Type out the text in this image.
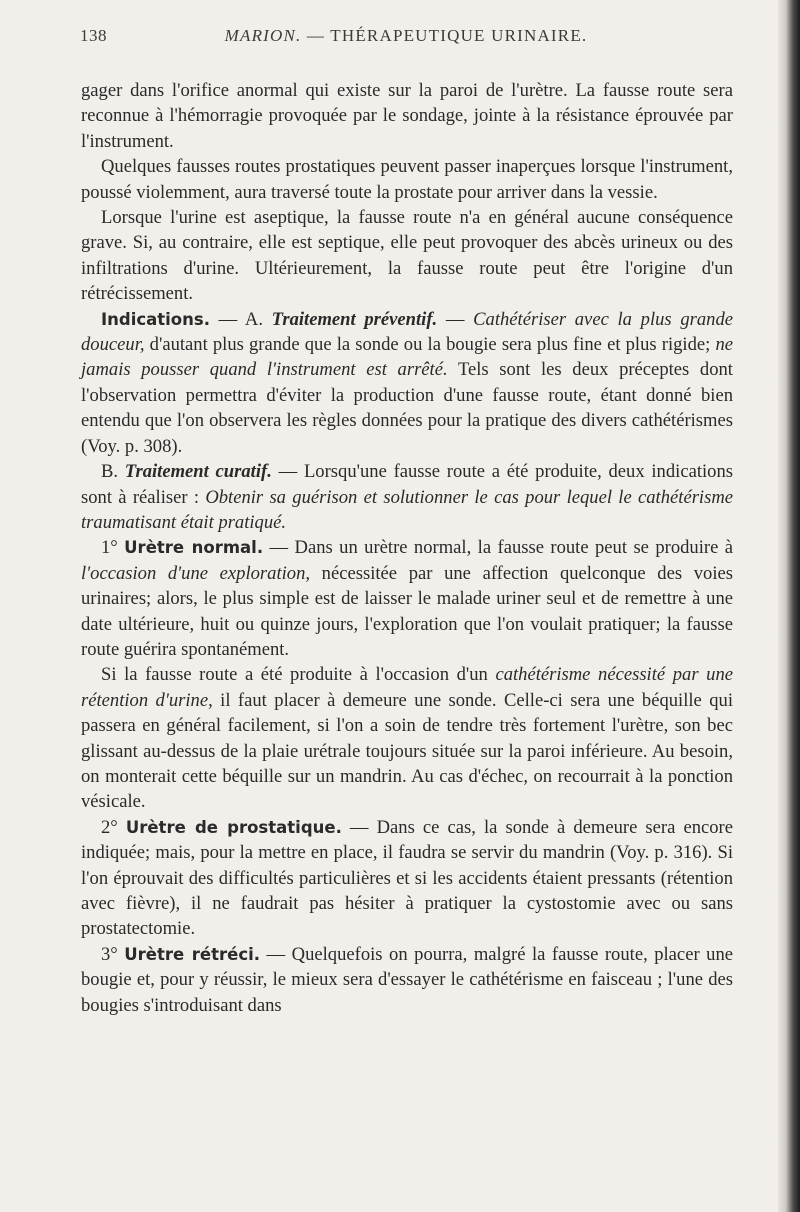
138	MARION. — THÉRAPEUTIQUE URINAIRE.

gager dans l'orifice anormal qui existe sur la paroi de l'urètre. La fausse route sera reconnue à l'hémorragie provoquée par le sondage, jointe à la résistance éprouvée par l'instrument.

Quelques fausses routes prostatiques peuvent passer inaperçues lorsque l'instrument, poussé violemment, aura traversé toute la prostate pour arriver dans la vessie.

Lorsque l'urine est aseptique, la fausse route n'a en général aucune conséquence grave. Si, au contraire, elle est septique, elle peut provoquer des abcès urineux ou des infiltrations d'urine. Ultérieurement, la fausse route peut être l'origine d'un rétrécissement.

Indications. — A. Traitement préventif. — Cathétériser avec la plus grande douceur, d'autant plus grande que la sonde ou la bougie sera plus fine et plus rigide; ne jamais pousser quand l'instrument est arrêté. Tels sont les deux préceptes dont l'observation permettra d'éviter la production d'une fausse route, étant donné bien entendu que l'on observera les règles données pour la pratique des divers cathétérismes (Voy. p. 308).

B. Traitement curatif. — Lorsqu'une fausse route a été produite, deux indications sont à réaliser : Obtenir sa guérison et solutionner le cas pour lequel le cathétérisme traumatisant était pratiqué.

1° Urètre normal. — Dans un urètre normal, la fausse route peut se produire à l'occasion d'une exploration, nécessitée par une affection quelconque des voies urinaires; alors, le plus simple est de laisser le malade uriner seul et de remettre à une date ultérieure, huit ou quinze jours, l'exploration que l'on voulait pratiquer; la fausse route guérira spontanément.

Si la fausse route a été produite à l'occasion d'un cathétérisme nécessité par une rétention d'urine, il faut placer à demeure une sonde. Celle-ci sera une béquille qui passera en général facilement, si l'on a soin de tendre très fortement l'urètre, son bec glissant au-dessus de la plaie urétrale toujours située sur la paroi inférieure. Au besoin, on monterait cette béquille sur un mandrin. Au cas d'échec, on recourrait à la ponction vésicale.

2° Urètre de prostatique. — Dans ce cas, la sonde à demeure sera encore indiquée; mais, pour la mettre en place, il faudra se servir du mandrin (Voy. p. 316). Si l'on éprouvait des difficultés particulières et si les accidents étaient pressants (rétention avec fièvre), il ne faudrait pas hésiter à pratiquer la cystostomie avec ou sans prostatectomie.

3° Urètre rétréci. — Quelquefois on pourra, malgré la fausse route, placer une bougie et, pour y réussir, le mieux sera d'essayer le cathétérisme en faisceau ; l'une des bougies s'introduisant dans
